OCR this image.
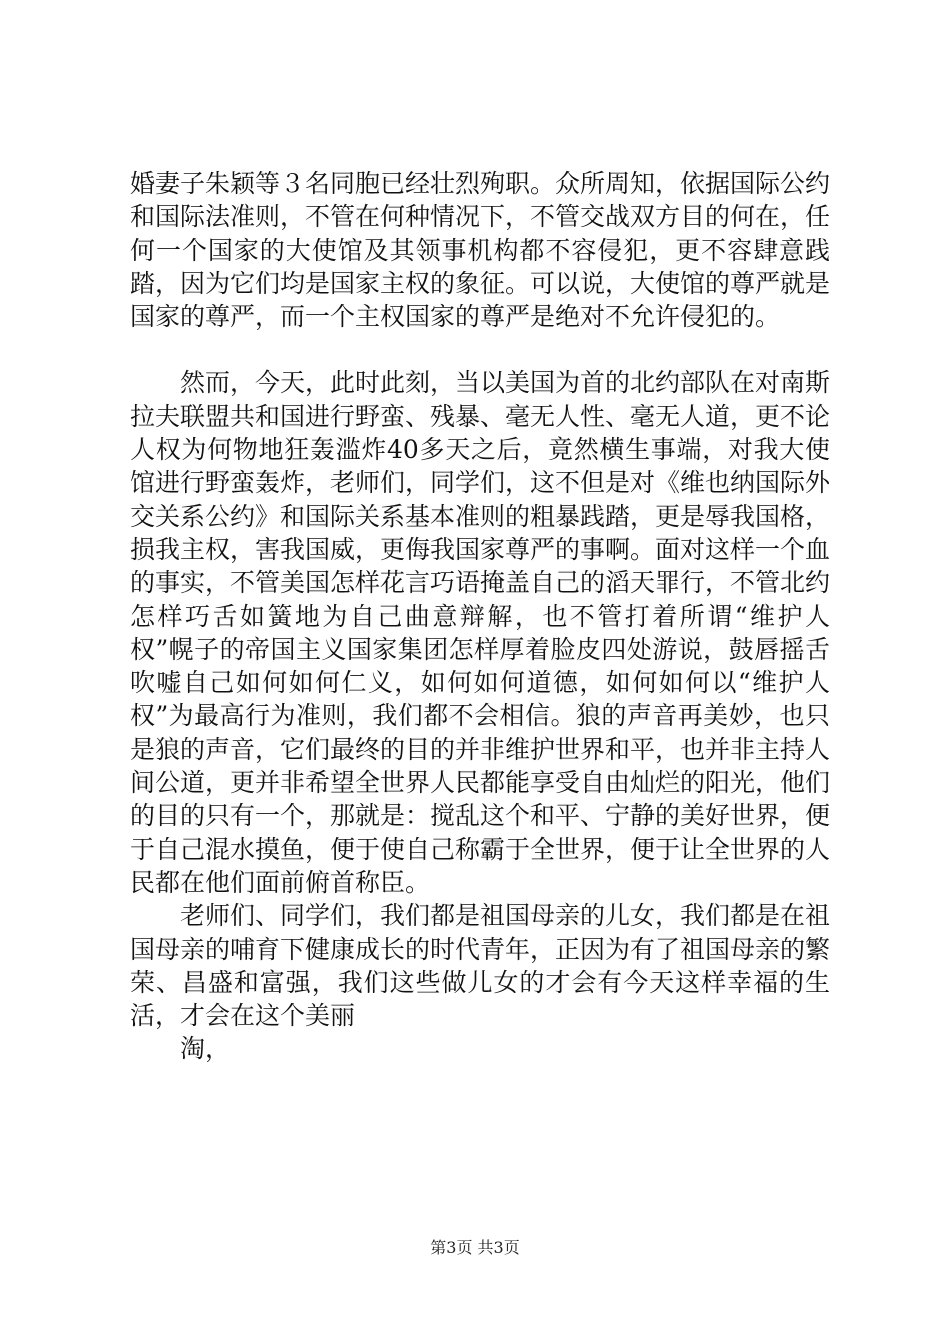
婚妻子朱颖等３名同胞已经壮烈殉职。众所周知，依据国际公约和国际法准则，不管在何种情况下，不管交战双方目的何在，任何一个国家的大使馆及其领事机构都不容侵犯，更不容肆意践踏，因为它们均是国家主权的象征。可以说，大使馆的尊严就是国家的尊严，而一个主权国家的尊严是绝对不允许侵犯的。

然而，今天，此时此刻，当以美国为首的北约部队在对南斯拉夫联盟共和国进行野蛮、残暴、毫无人性、毫无人道，更不论人权为何物地狂轰滥炸40多天之后，竟然横生事端，对我大使馆进行野蛮轰炸，老师们，同学们，这不但是对《维也纳国际外交关系公约》和国际关系基本准则的粗暴践踏，更是辱我国格，损我主权，害我国威，更侮我国家尊严的事啊。面对这样一个血的事实，不管美国怎样花言巧语掩盖自己的滔天罪行，不管北约怎样巧舌如簧地为自己曲意辩解，也不管打着所谓“维护人权”幌子的帝国主义国家集团怎样厚着脸皮四处游说，鼓唇摇舌吹嘘自己如何如何仁义，如何如何道德，如何如何以“维护人权”为最高行为准则，我们都不会相信。狼的声音再美妙，也只是狼的声音，它们最终的目的并非维护世界和平，也并非主持人间公道，更并非希望全世界人民都能享受自由灿烂的阳光，他们的目的只有一个，那就是：搅乱这个和平、宁静的美好世界，便于自己混水摸鱼，便于使自己称霸于全世界，便于让全世界的人民都在他们面前俯首称臣。

老师们、同学们，我们都是祖国母亲的儿女，我们都是在祖国母亲的哺育下健康成长的时代青年，正因为有了祖国母亲的繁荣、昌盛和富强，我们这些做儿女的才会有今天这样幸福的生活，才会在这个美丽

淘，

第3页 共3页
